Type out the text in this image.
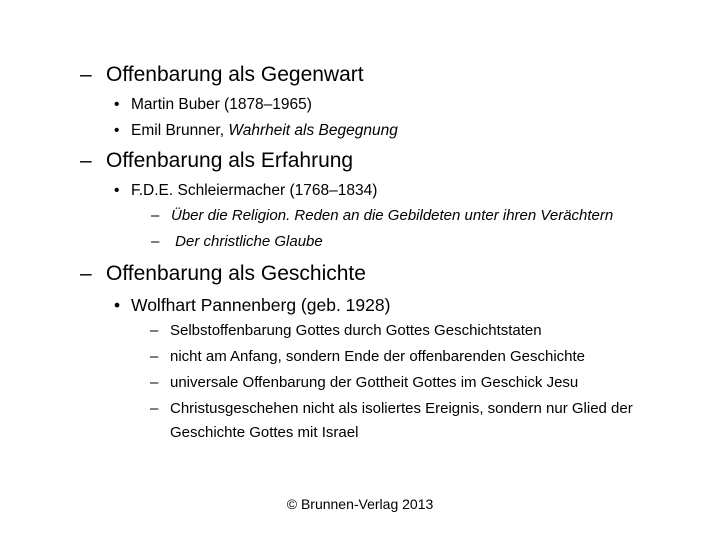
– Offenbarung als Gegenwart
• Martin Buber (1878–1965)
• Emil Brunner, Wahrheit als Begegnung
– Offenbarung als Erfahrung
• F.D.E. Schleiermacher (1768–1834)
– Über die Religion. Reden an die Gebildeten unter ihren Verächtern
– Der christliche Glaube
– Offenbarung als Geschichte
• Wolfhart Pannenberg (geb. 1928)
– Selbstoffenbarung Gottes durch Gottes Geschichtstaten
– nicht am Anfang, sondern Ende der offenbarenden Geschichte
– universale Offenbarung der Gottheit Gottes im Geschick Jesu
– Christusgeschehen nicht als isoliertes Ereignis, sondern nur Glied der
Geschichte Gottes mit Israel
© Brunnen-Verlag 2013
